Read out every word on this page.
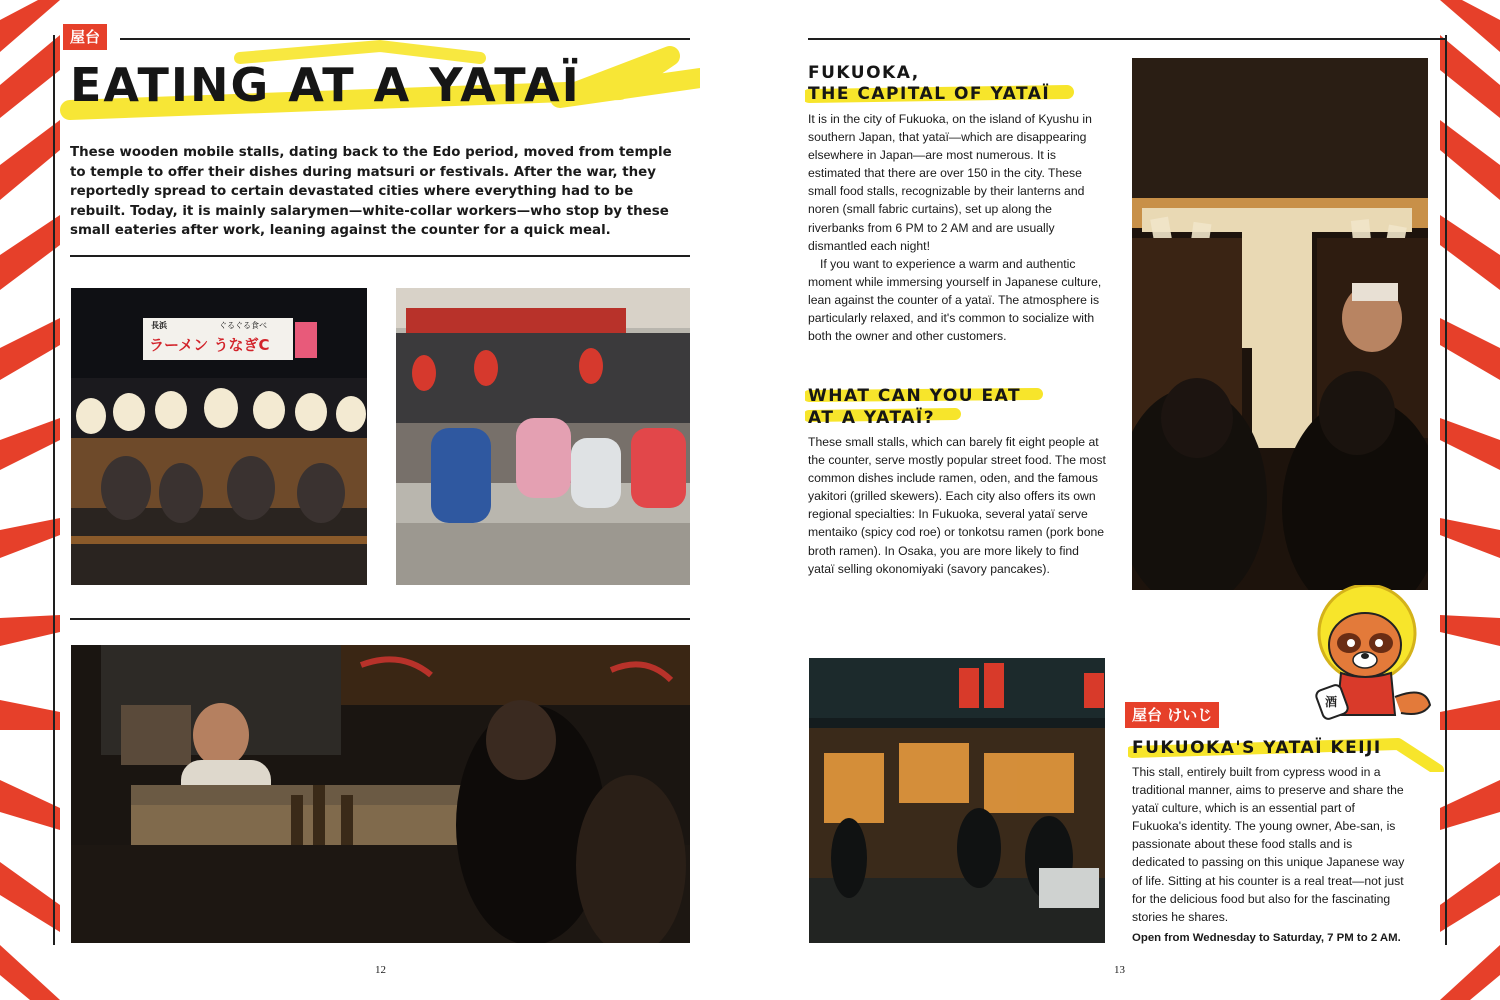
屋台
EATING AT A YATAÏ

These wooden mobile stalls, dating back to the Edo period, moved from temple to temple to offer their dishes during matsuri or festivals. After the war, they reportedly spread to certain devastated cities where everything had to be rebuilt. Today, it is mainly salarymen—white-collar workers—who stop by these small eateries after work, leaning against the counter for a quick meal.

長浜	ぐるぐる食べ
ラーメン うなぎC
12
FUKUOKA,
THE CAPITAL OF YATAÏ

It is in the city of Fukuoka, on the island of Kyushu in southern Japan, that yataï—which are disappearing elsewhere in Japan—are most numerous. It is estimated that there are over 150 in the city. These small food stalls, recognizable by their lanterns and noren (small fabric curtains), set up along the riverbanks from 6 PM to 2 AM and are usually dismantled each night!

If you want to experience a warm and authentic moment while immersing yourself in Japanese culture, lean against the counter of a yataï. The atmosphere is particularly relaxed, and it's common to socialize with both the owner and other customers.

WHAT CAN YOU EAT
AT A YATAÏ?

These small stalls, which can barely fit eight people at the counter, serve mostly popular street food. The most common dishes include ramen, oden, and the famous yakitori (grilled skewers). Each city also offers its own regional specialties: In Fukuoka, several yataï serve mentaiko (spicy cod roe) or tonkotsu ramen (pork bone broth ramen). In Osaka, you are more likely to find yataï selling okonomiyaki (savory pancakes).

酒
屋台 けいじ
FUKUOKA'S YATAÏ KEIJI

This stall, entirely built from cypress wood in a traditional manner, aims to preserve and share the yataï culture, which is an essential part of Fukuoka's identity. The young owner, Abe-san, is passionate about these food stalls and is dedicated to passing on this unique Japanese way of life. Sitting at his counter is a real treat—not just for the delicious food but also for the fascinating stories he shares.

Open from Wednesday to Saturday, 7 PM to 2 AM.
13
